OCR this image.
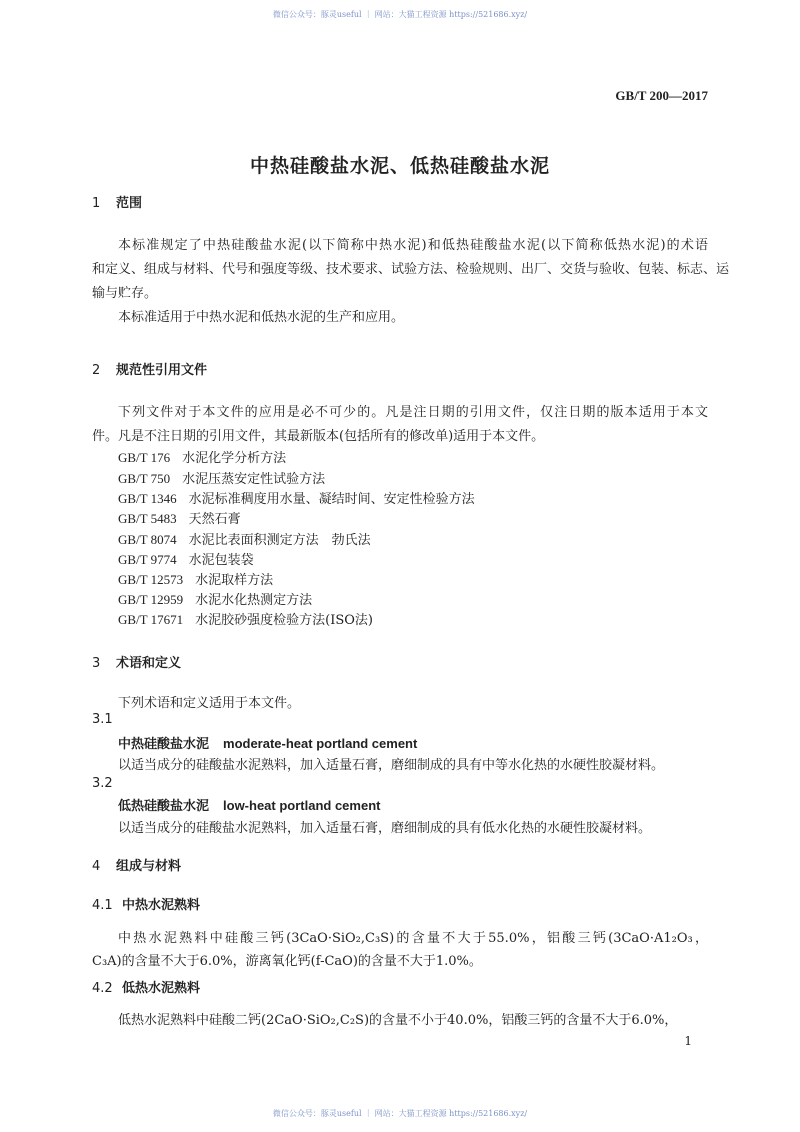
微信公众号：豚灵useful ｜ 网站：大猫工程资源 https://521686.xyz/
GB/T 200—2017
中热硅酸盐水泥、低热硅酸盐水泥
1 范围
本标准规定了中热硅酸盐水泥(以下简称中热水泥)和低热硅酸盐水泥(以下简称低热水泥)的术语
和定义、组成与材料、代号和强度等级、技术要求、试验方法、检验规则、出厂、交货与验收、包装、标志、运
输与贮存。
本标准适用于中热水泥和低热水泥的生产和应用。
2 规范性引用文件
下列文件对于本文件的应用是必不可少的。凡是注日期的引用文件，仅注日期的版本适用于本文
件。凡是不注日期的引用文件，其最新版本(包括所有的修改单)适用于本文件。
GB/T 176 水泥化学分析方法
GB/T 750 水泥压蒸安定性试验方法
GB/T 1346 水泥标准稠度用水量、凝结时间、安定性检验方法
GB/T 5483 天然石膏
GB/T 8074 水泥比表面积测定方法　勃氏法
GB/T 9774 水泥包装袋
GB/T 12573 水泥取样方法
GB/T 12959 水泥水化热测定方法
GB/T 17671 水泥胶砂强度检验方法(ISO法)
3 术语和定义
下列术语和定义适用于本文件。
3.1
中热硅酸盐水泥 moderate-heat portland cement
以适当成分的硅酸盐水泥熟料，加入适量石膏，磨细制成的具有中等水化热的水硬性胶凝材料。
3.2
低热硅酸盐水泥 low-heat portland cement
以适当成分的硅酸盐水泥熟料，加入适量石膏，磨细制成的具有低水化热的水硬性胶凝材料。
4 组成与材料
4.1 中热水泥熟料
中热水泥熟料中硅酸三钙(3CaO·SiO₂,C₃S)的含量不大于55.0%，铝酸三钙(3CaO·A1₂O₃，
C₃A)的含量不大于6.0%，游离氧化钙(f-CaO)的含量不大于1.0%。
4.2 低热水泥熟料
低热水泥熟料中硅酸二钙(2CaO·SiO₂,C₂S)的含量不小于40.0%，铝酸三钙的含量不大于6.0%，
1
微信公众号：豚灵useful ｜ 网站：大猫工程资源 https://521686.xyz/
